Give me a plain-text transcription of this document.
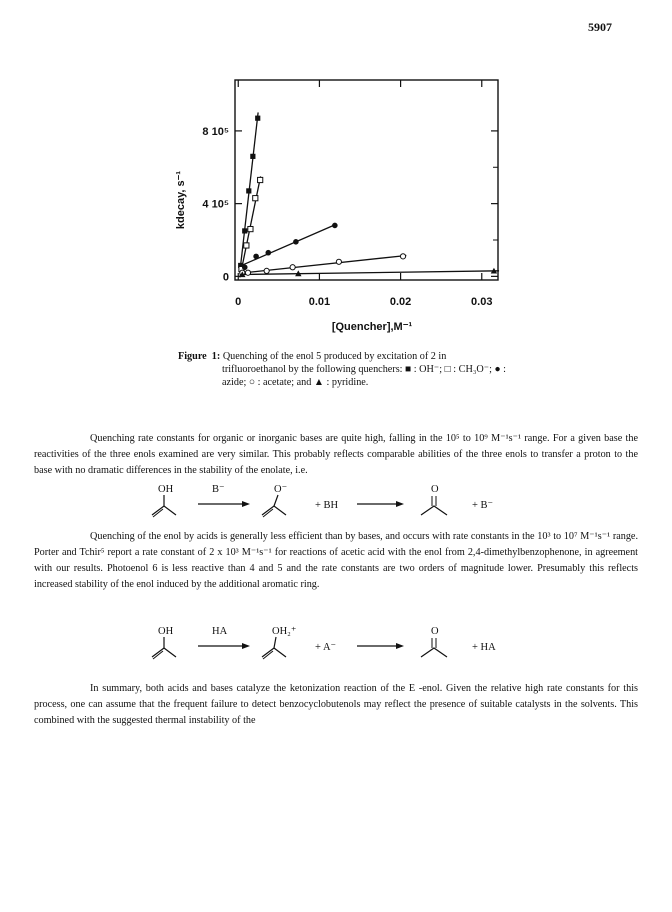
5907
0
4 10⁵
8 10⁵
0	0.01	0.02	0.03
kdecay, s⁻¹
[Quencher],M⁻¹
Figure 1: Quenching of the enol 5 produced by excitation of 2 in
trifluoroethanol by the following quenchers: ■ : OH⁻; □ : CH₃O⁻; ● :
azide; ○ : acetate; and ▲ : pyridine.
Quenching rate constants for organic or inorganic bases are quite high, falling in the 10⁵ to 10⁹ M⁻¹s⁻¹ range. For a given base the reactivities of the three enols examined are very similar. This probably reflects comparable abilities of the three enols to transfer a proton to the base with no dramatic differences in the stability of the enolate, i.e.
OH	B⁻	O⁻
+ BH
O
+ B⁻
Quenching of the enol by acids is generally less efficient than by bases, and occurs with rate constants in the 10³ to 10⁷ M⁻¹s⁻¹ range. Porter and Tchir⁵ report a rate constant of 2 x 10³ M⁻¹s⁻¹ for reactions of acetic acid with the enol from 2,4-dimethylbenzophenone, in agreement with our results. Photoenol 6 is less reactive than 4 and 5 and the rate constants are two orders of magnitude lower. Presumably this reflects increased stability of the enol induced by the additional aromatic ring.
OH	HA	OH₂⁺
+ A⁻
O
+ HA
In summary, both acids and bases catalyze the ketonization reaction of the E -enol. Given the relative high rate constants for this process, one can assume that the frequent failure to detect benzocyclobutenols may reflect the presence of suitable catalysts in the solvents. This combined with the suggested thermal instability of the
